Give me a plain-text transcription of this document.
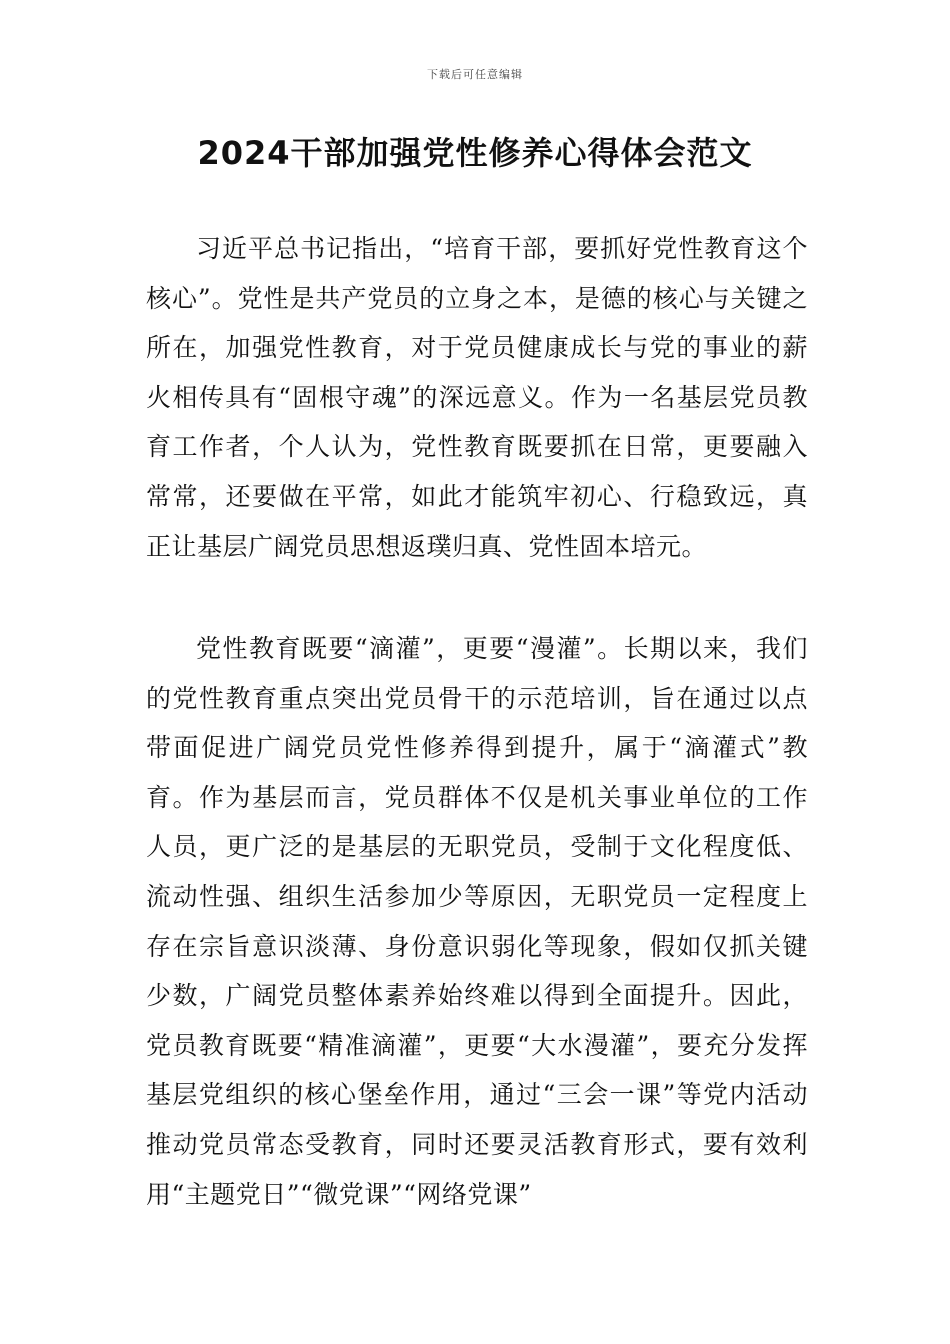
下载后可任意编辑
2024干部加强党性修养心得体会范文

习近平总书记指出，“培育干部，要抓好党性教育这个核心”。党性是共产党员的立身之本，是德的核心与关键之所在，加强党性教育，对于党员健康成长与党的事业的薪火相传具有“固根守魂”的深远意义。作为一名基层党员教育工作者，个人认为，党性教育既要抓在日常，更要融入常常，还要做在平常，如此才能筑牢初心、行稳致远，真正让基层广阔党员思想返璞归真、党性固本培元。

党性教育既要“滴灌”，更要“漫灌”。长期以来，我们的党性教育重点突出党员骨干的示范培训，旨在通过以点带面促进广阔党员党性修养得到提升，属于“滴灌式”教育。作为基层而言，党员群体不仅是机关事业单位的工作人员，更广泛的是基层的无职党员，受制于文化程度低、流动性强、组织生活参加少等原因，无职党员一定程度上存在宗旨意识淡薄、身份意识弱化等现象，假如仅抓关键少数，广阔党员整体素养始终难以得到全面提升。因此，党员教育既要“精准滴灌”，更要“大水漫灌”，要充分发挥基层党组织的核心堡垒作用，通过“三会一课”等党内活动推动党员常态受教育，同时还要灵活教育形式，要有效利用“主题党日”“微党课”“网络党课”
